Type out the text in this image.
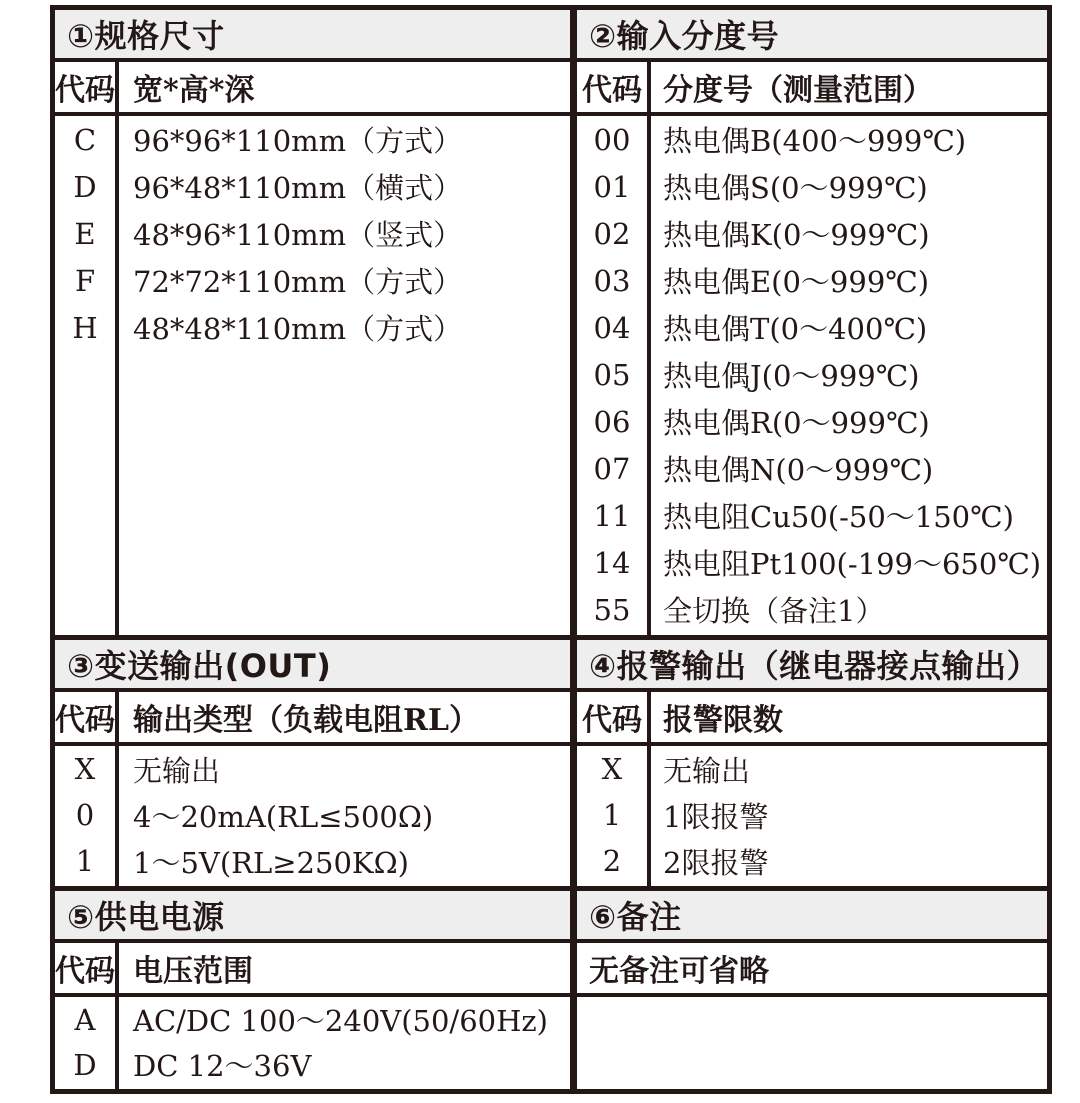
①规格尺寸
代码 宽*高*深
C	96*96*110mm（方式）
D	96*48*110mm（横式）
E	48*96*110mm（竖式）
F	72*72*110mm（方式）
H	48*48*110mm（方式）
②输入分度号
代码 分度号（测量范围）
00	热电偶B(400～999℃)
01	热电偶S(0～999℃)
02	热电偶K(0～999℃)
03	热电偶E(0～999℃)
04	热电偶T(0～400℃)
05	热电偶J(0～999℃)
06	热电偶R(0～999℃)
07	热电偶N(0～999℃)
11	热电阻Cu50(-50～150℃)
14	热电阻Pt100(-199～650℃)
55	全切换（备注1）
③变送输出(OUT)
代码 输出类型（负载电阻RL）
X	无输出
0	4～20mA(RL≤500Ω)
1	1～5V(RL≥250KΩ)
④报警输出（继电器接点输出）
代码 报警限数
X	无输出
1	1限报警
2	2限报警
⑤供电电源
代码 电压范围
A	AC/DC 100～240V(50/60Hz)
D	DC 12～36V
⑥备注
无备注可省略
